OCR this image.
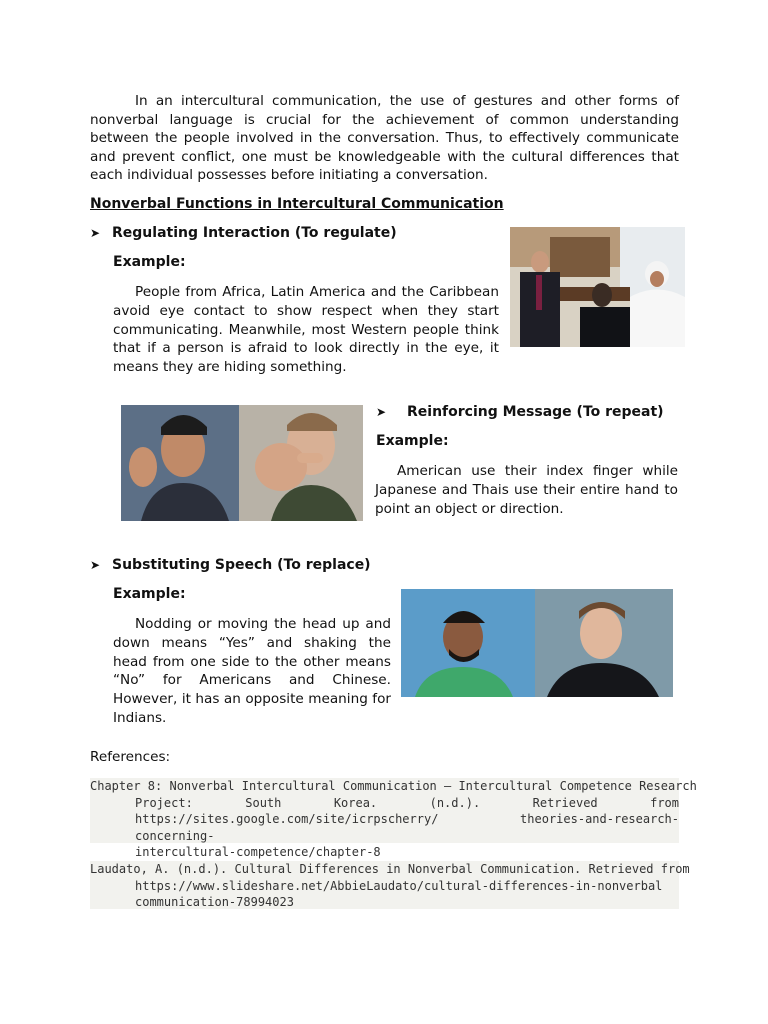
In an intercultural communication, the use of gestures and other forms of nonverbal language is crucial for the achievement of common understanding between the people involved in the conversation. Thus, to effectively communicate and prevent conflict, one must be knowledgeable with the cultural differences that each individual possesses before initiating a conversation.

Nonverbal Functions in Intercultural Communication

➤ Regulating Interaction (To regulate)

Example:

People from Africa, Latin America and the Caribbean avoid eye contact to show respect when they start communicating. Meanwhile, most Western people think that if a person is afraid to look directly in the eye, it means they are hiding something.

➤	Reinforcing Message (To repeat)

Example:

American use their index finger while Japanese and Thais use their entire hand to point an object or direction.

➤ Substituting Speech (To replace)

Example:

Nodding or moving the head up and down means “Yes” and shaking the head from one side to the other means “No” for Americans and Chinese. However, it has an opposite meaning for Indians.

References:

Chapter 8: Nonverbal Intercultural Communication – Intercultural Competence Research
Project: South Korea. (n.d.). Retrieved from
https://sites.google.com/site/icrpscherry/ theories-and-research-concerning-
intercultural-competence/chapter-8
Laudato, A. (n.d.). Cultural Differences in Nonverbal Communication. Retrieved from
https://www.slideshare.net/AbbieLaudato/cultural-differences-in-nonverbal
communication-78994023
